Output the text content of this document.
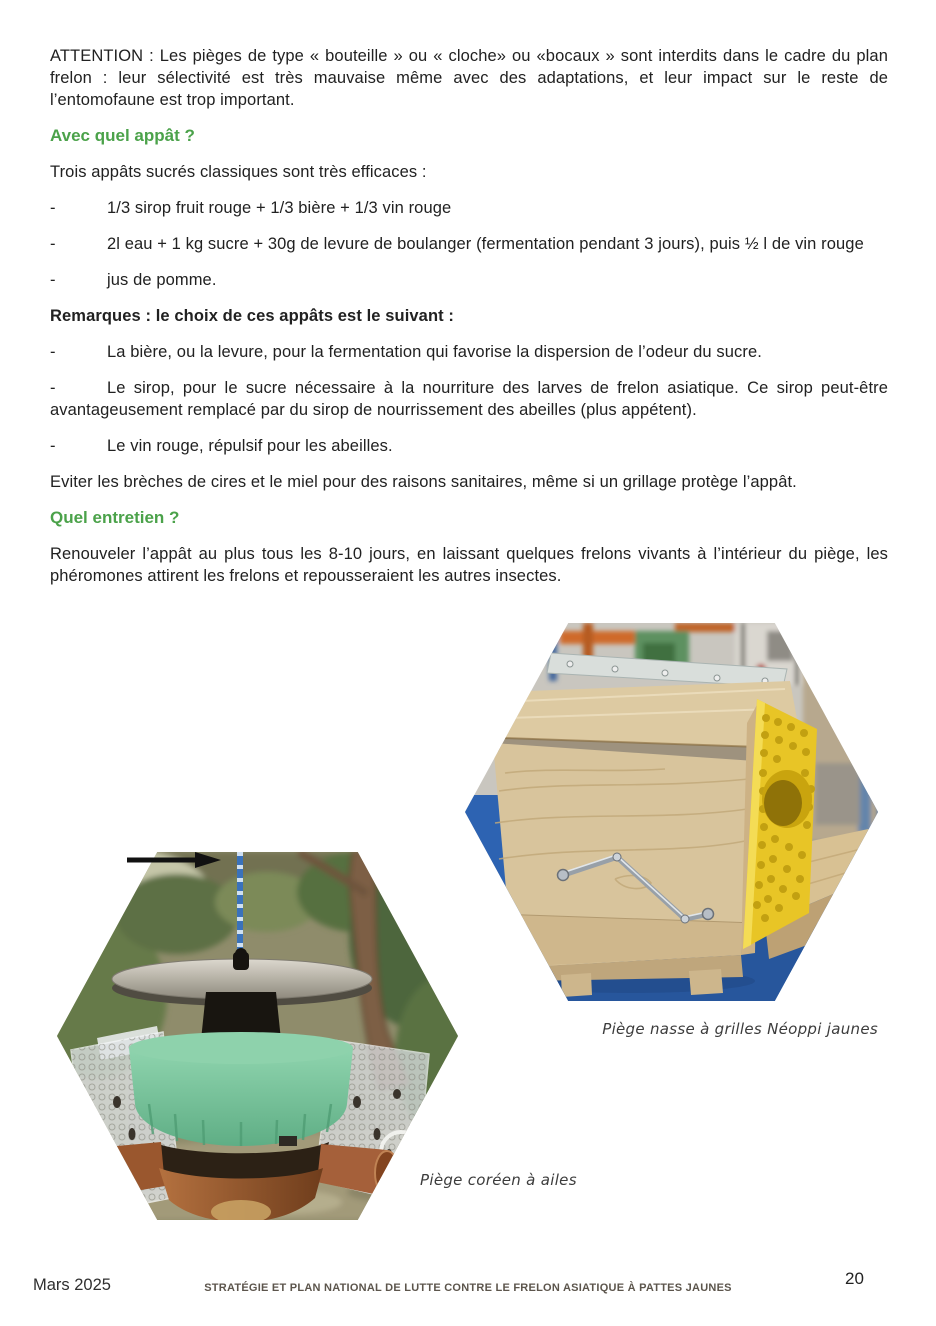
ATTENTION : Les pièges de type « bouteille » ou « cloche» ou «bocaux » sont interdits dans le cadre du plan frelon : leur sélectivité est très mauvaise même avec des adaptations, et leur impact sur le reste de l’entomofaune est trop important.

Avec quel appât ?

Trois appâts sucrés classiques sont très efficaces :

-	1/3 sirop fruit rouge + 1/3 bière + 1/3 vin rouge

-	2l eau + 1 kg sucre + 30g de levure de boulanger (fermentation pendant 3 jours), puis ½ l de vin rouge

-	jus de pomme.

Remarques : le choix de ces appâts est le suivant :

-	La bière, ou la levure, pour la fermentation qui favorise la dispersion de l’odeur du sucre.

-	Le sirop, pour le sucre nécessaire à la nourriture des larves de frelon asiatique. Ce sirop peut-être avantageusement remplacé par du sirop de nourrissement des abeilles (plus appétent).

-	Le vin rouge, répulsif pour les abeilles.

Eviter les brèches de cires et le miel pour des raisons sanitaires, même si un grillage protège l’appât.

Quel entretien ?

Renouveler l’appât au plus tous les 8-10 jours, en laissant quelques frelons vivants à l’intérieur du piège, les phéromones attirent les frelons et repousseraient les autres insectes.

Piège nasse à grilles Néoppi jaunes
Piège coréen à ailes
Mars 2025	STRATÉGIE ET PLAN NATIONAL DE LUTTE CONTRE LE FRELON ASIATIQUE À PATTES JAUNES	20
